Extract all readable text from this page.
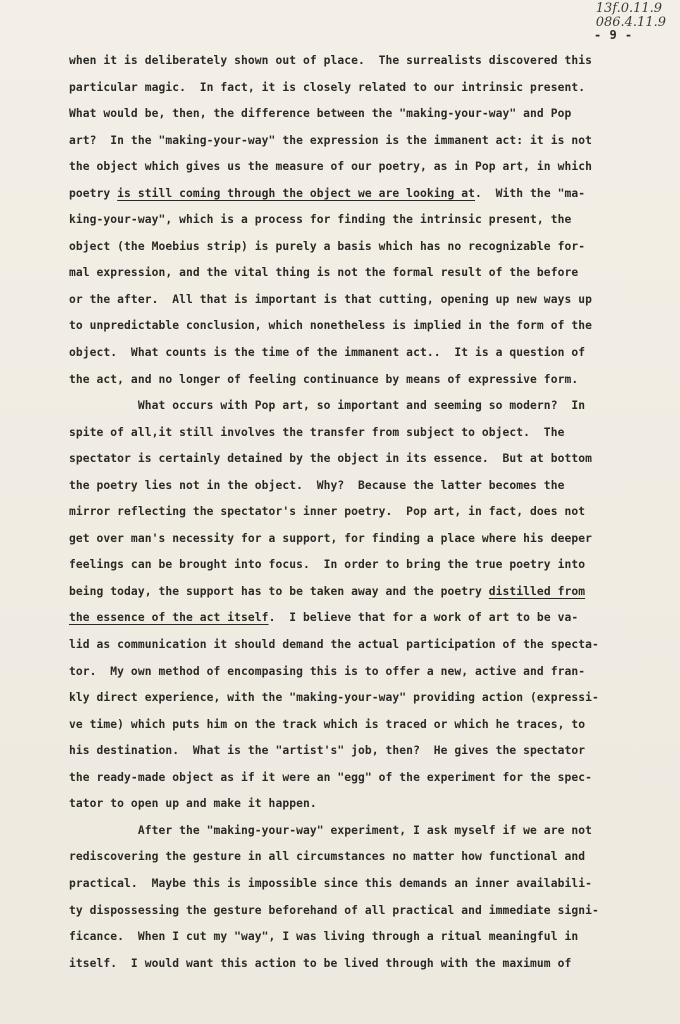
13f.0.11.9
086.4.11.9
- 9 -
when it is deliberately shown out of place.  The surrealists discovered this
particular magic.  In fact, it is closely related to our intrinsic present.
What would be, then, the difference between the "making-your-way" and Pop
art?  In the "making-your-way" the expression is the immanent act: it is not
the object which gives us the measure of our poetry, as in Pop art, in which
poetry is still coming through the object we are looking at.  With the "ma-
king-your-way", which is a process for finding the intrinsic present, the
object (the Moebius strip) is purely a basis which has no recognizable for-
mal expression, and the vital thing is not the formal result of the before
or the after.  All that is important is that cutting, opening up new ways up
to unpredictable conclusion, which nonetheless is implied in the form of the
object.  What counts is the time of the immanent act..  It is a question of
the act, and no longer of feeling continuance by means of expressive form.
What occurs with Pop art, so important and seeming so modern?  In
spite of all,it still involves the transfer from subject to object.  The
spectator is certainly detained by the object in its essence.  But at bottom
the poetry lies not in the object.  Why?  Because the latter becomes the
mirror reflecting the spectator's inner poetry.  Pop art, in fact, does not
get over man's necessity for a support, for finding a place where his deeper
feelings can be brought into focus.  In order to bring the true poetry into
being today, the support has to be taken away and the poetry distilled from
the essence of the act itself.  I believe that for a work of art to be va-
lid as communication it should demand the actual participation of the specta-
tor.  My own method of encompasing this is to offer a new, active and fran-
kly direct experience, with the "making-your-way" providing action (expressi-
ve time) which puts him on the track which is traced or which he traces, to
his destination.  What is the "artist's" job, then?  He gives the spectator
the ready-made object as if it were an "egg" of the experiment for the spec-
tator to open up and make it happen.
After the "making-your-way" experiment, I ask myself if we are not
rediscovering the gesture in all circumstances no matter how functional and
practical.  Maybe this is impossible since this demands an inner availabili-
ty dispossessing the gesture beforehand of all practical and immediate signi-
ficance.  When I cut my "way", I was living through a ritual meaningful in
itself.  I would want this action to be lived through with the maximum of
